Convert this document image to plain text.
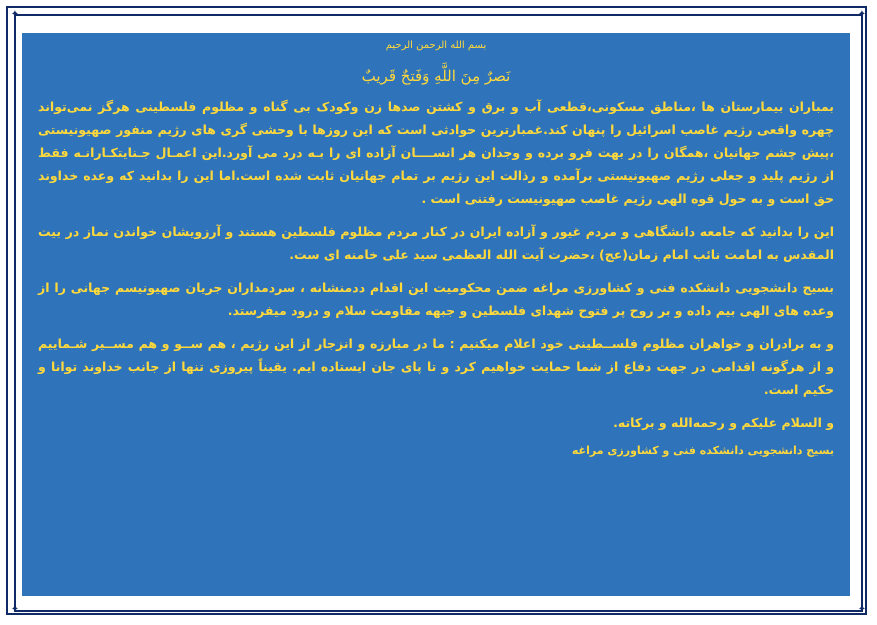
✦	✦
✦	✦
بسم الله الرحمن الرحیم
نَصرٌ مِنَ اللَّهِ وَفَتحٌ قَريبٌ

بمباران بیمارستان ها ،مناطق مسکونی،قطعی آب و برق و کشتن صدها زن وکودک بی گناه و مظلوم فلسطینی هرگز نمی‌تواند چهره واقعی رژیم غاصب اسرائیل را پنهان کند.غمبارترین حوادثی است که این روزها با وحشی گری های رژیم منفور صهیونیستی ،پیش چشم جهانیان ،همگان را در بهت فرو برده و وجدان هر انســــان آزاده ای را بـه درد می آورد.این اعمـال جـنایتکـارانـه فقط از رژیم پلید و جعلی رژیم صهیونیستی برآمده و رذالت این رژیم بر تمام جهانیان ثابت شده است.اما این را بدانید که وعده خداوند حق است و به حول قوه الهی رژیم غاصب صهیونیست رفتنی است .

این را بدانید که جامعه دانشگاهی و مردم غیور و آزاده ایران در کنار مردم مظلوم فلسطین هستند و آرزویشان خواندن نماز در بیت المقدس به امامت نائب امام زمان(عج) ،حضرت آیت الله العظمی سید علی خامنه ای ست.

بسیج دانشجویی دانشکده فنی و کشاورزی مراغه ضمن محکومیت این اقدام ددمنشانه ، سردمداران جریان صهیونیسم جهانی را از وعده های الهی بیم داده و بر روح پر فتوح شهدای فلسطین و جبهه مقاومت سلام و درود میفرستد.

و به برادران و خواهران مظلوم فلســطینی خود اعلام میکنیم : ما در مبارزه و انزجار از این رژیم ، هم ســو و هم مســیر شـماییم و از هرگونه اقدامی در جهت دفاع از شما حمایت خواهیم کرد و تا پای جان ایستاده ایم. یقیناً پیروزی تنها از جانب خداوند توانا و حکیم است.

و السلام علیکم و رحمه‌الله و برکاته.

بسیج دانشجویی دانشکده فنی و کشاورزی مراغه
